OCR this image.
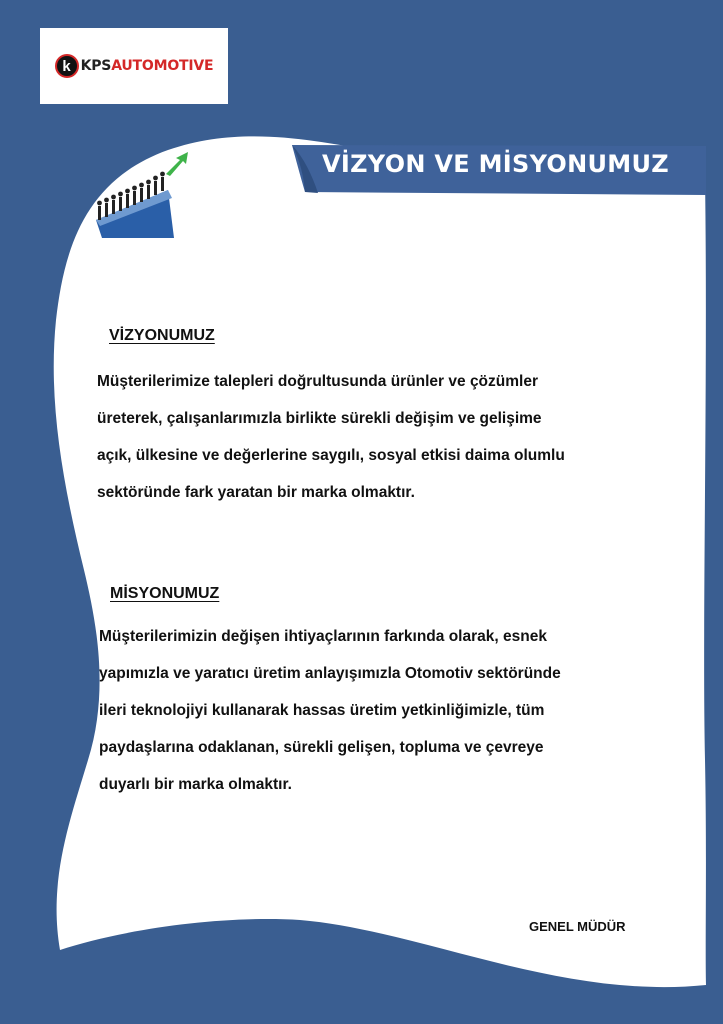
k KPSAUTOMOTIVE
VİZYON VE MİSYONUMUZ
VİZYONUMUZ
Müşterilerimize talepleri doğrultusunda ürünler ve çözümler
üreterek, çalışanlarımızla birlikte sürekli değişim ve gelişime
açık, ülkesine ve değerlerine saygılı, sosyal etkisi daima olumlu
sektöründe fark yaratan bir marka olmaktır.
MİSYONUMUZ
Müşterilerimizin değişen ihtiyaçlarının farkında olarak, esnek
yapımızla ve yaratıcı üretim anlayışımızla Otomotiv sektöründe
ileri teknolojiyi kullanarak hassas üretim yetkinliğimizle, tüm
paydaşlarına odaklanan, sürekli gelişen, topluma ve çevreye
duyarlı bir marka olmaktır.
GENEL MÜDÜR
